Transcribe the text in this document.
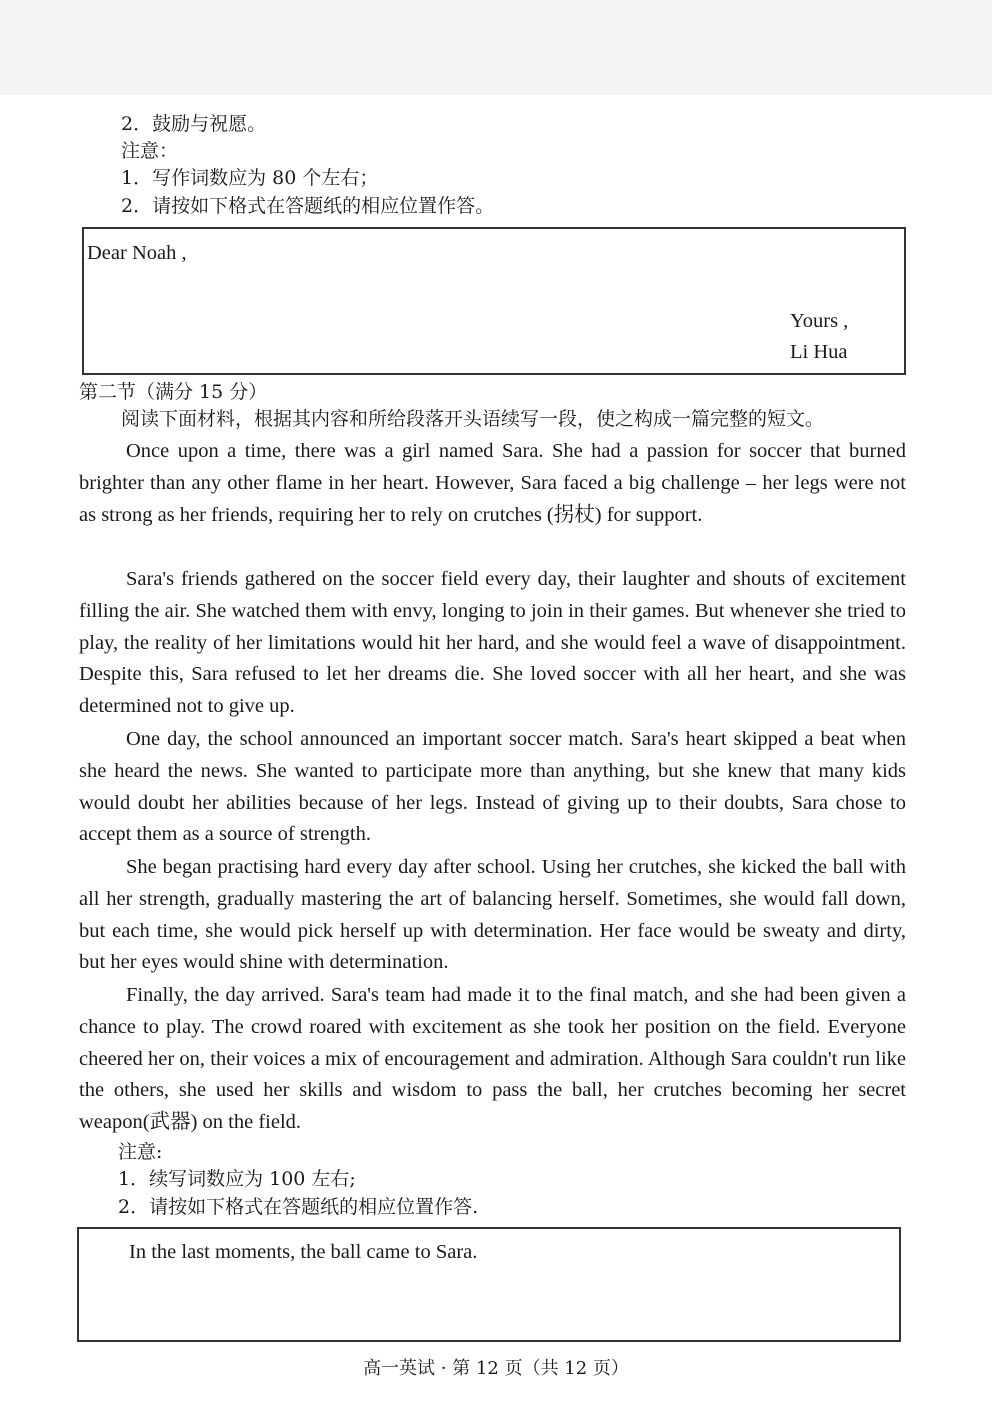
2．鼓励与祝愿。
注意：
1．写作词数应为 80 个左右；
2．请按如下格式在答题纸的相应位置作答。
Dear Noah ,
Yours ,
Li Hua
第二节（满分 15 分）
阅读下面材料，根据其内容和所给段落开头语续写一段，使之构成一篇完整的短文。

Once upon a time, there was a girl named Sara. She had a passion for soccer that burned brighter than any other flame in her heart. However, Sara faced a big challenge – her legs were not as strong as her friends, requiring her to rely on crutches (拐杖) for support.

Sara's friends gathered on the soccer field every day, their laughter and shouts of excitement filling the air. She watched them with envy, longing to join in their games. But whenever she tried to play, the reality of her limitations would hit her hard, and she would feel a wave of disappointment. Despite this, Sara refused to let her dreams die. She loved soccer with all her heart, and she was determined not to give up.

One day, the school announced an important soccer match. Sara's heart skipped a beat when she heard the news. She wanted to participate more than anything, but she knew that many kids would doubt her abilities because of her legs. Instead of giving up to their doubts, Sara chose to accept them as a source of strength.

She began practising hard every day after school. Using her crutches, she kicked the ball with all her strength, gradually mastering the art of balancing herself. Sometimes, she would fall down, but each time, she would pick herself up with determination. Her face would be sweaty and dirty, but her eyes would shine with determination.

Finally, the day arrived. Sara's team had made it to the final match, and she had been given a chance to play. The crowd roared with excitement as she took her position on the field. Everyone cheered her on, their voices a mix of encouragement and admiration. Although Sara couldn't run like the others, she used her skills and wisdom to pass the ball, her crutches becoming her secret weapon(武器) on the field.

注意:
1．续写词数应为 100 左右;
2．请按如下格式在答题纸的相应位置作答.
In the last moments, the ball came to Sara.
高一英试 · 第 12 页（共 12 页）
